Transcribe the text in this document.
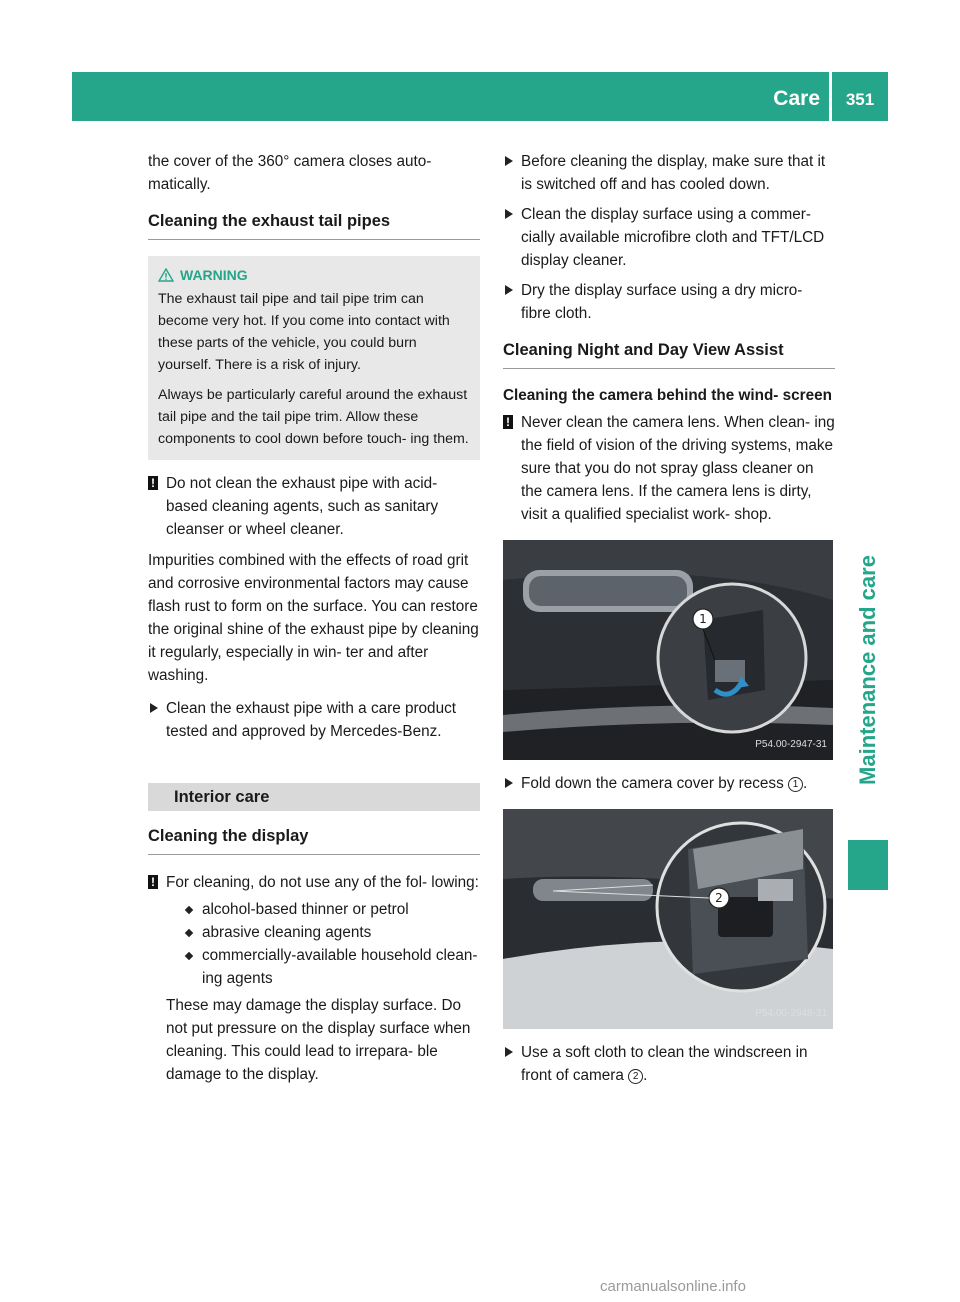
Care	351
Maintenance and care

the cover of the 360° camera closes auto- matically.

Cleaning the exhaust tail pipes
WARNING

The exhaust tail pipe and tail pipe trim can become very hot. If you come into contact with these parts of the vehicle, you could burn yourself. There is a risk of injury.

Always be particularly careful around the exhaust tail pipe and the tail pipe trim. Allow these components to cool down before touch- ing them.

! Do not clean the exhaust pipe with acid- based cleaning agents, such as sanitary cleanser or wheel cleaner.

Impurities combined with the effects of road grit and corrosive environmental factors may cause flash rust to form on the surface. You can restore the original shine of the exhaust pipe by cleaning it regularly, especially in win- ter and after washing.

Clean the exhaust pipe with a care product tested and approved by Mercedes-Benz.
Interior care
Cleaning the display
! For cleaning, do not use any of the fol- lowing:
alcohol-based thinner or petrol
abrasive cleaning agents
commercially-available household clean- ing agents

These may damage the display surface. Do not put pressure on the display surface when cleaning. This could lead to irrepara- ble damage to the display.

Before cleaning the display, make sure that it is switched off and has cooled down.
Clean the display surface using a commer- cially available microfibre cloth and TFT/LCD display cleaner.
Dry the display surface using a dry micro- fibre cloth.
Cleaning Night and Day View Assist
Cleaning the camera behind the wind- screen
! Never clean the camera lens. When clean- ing the field of vision of the driving systems, make sure that you do not spray glass cleaner on the camera lens. If the camera lens is dirty, visit a qualified specialist work- shop.
1
P54.00-2947-31
Fold down the camera cover by recess 1 .
2
P54.00-2948-31
Use a soft cloth to clean the windscreen in front of camera 2 .
carmanualsonline.info
